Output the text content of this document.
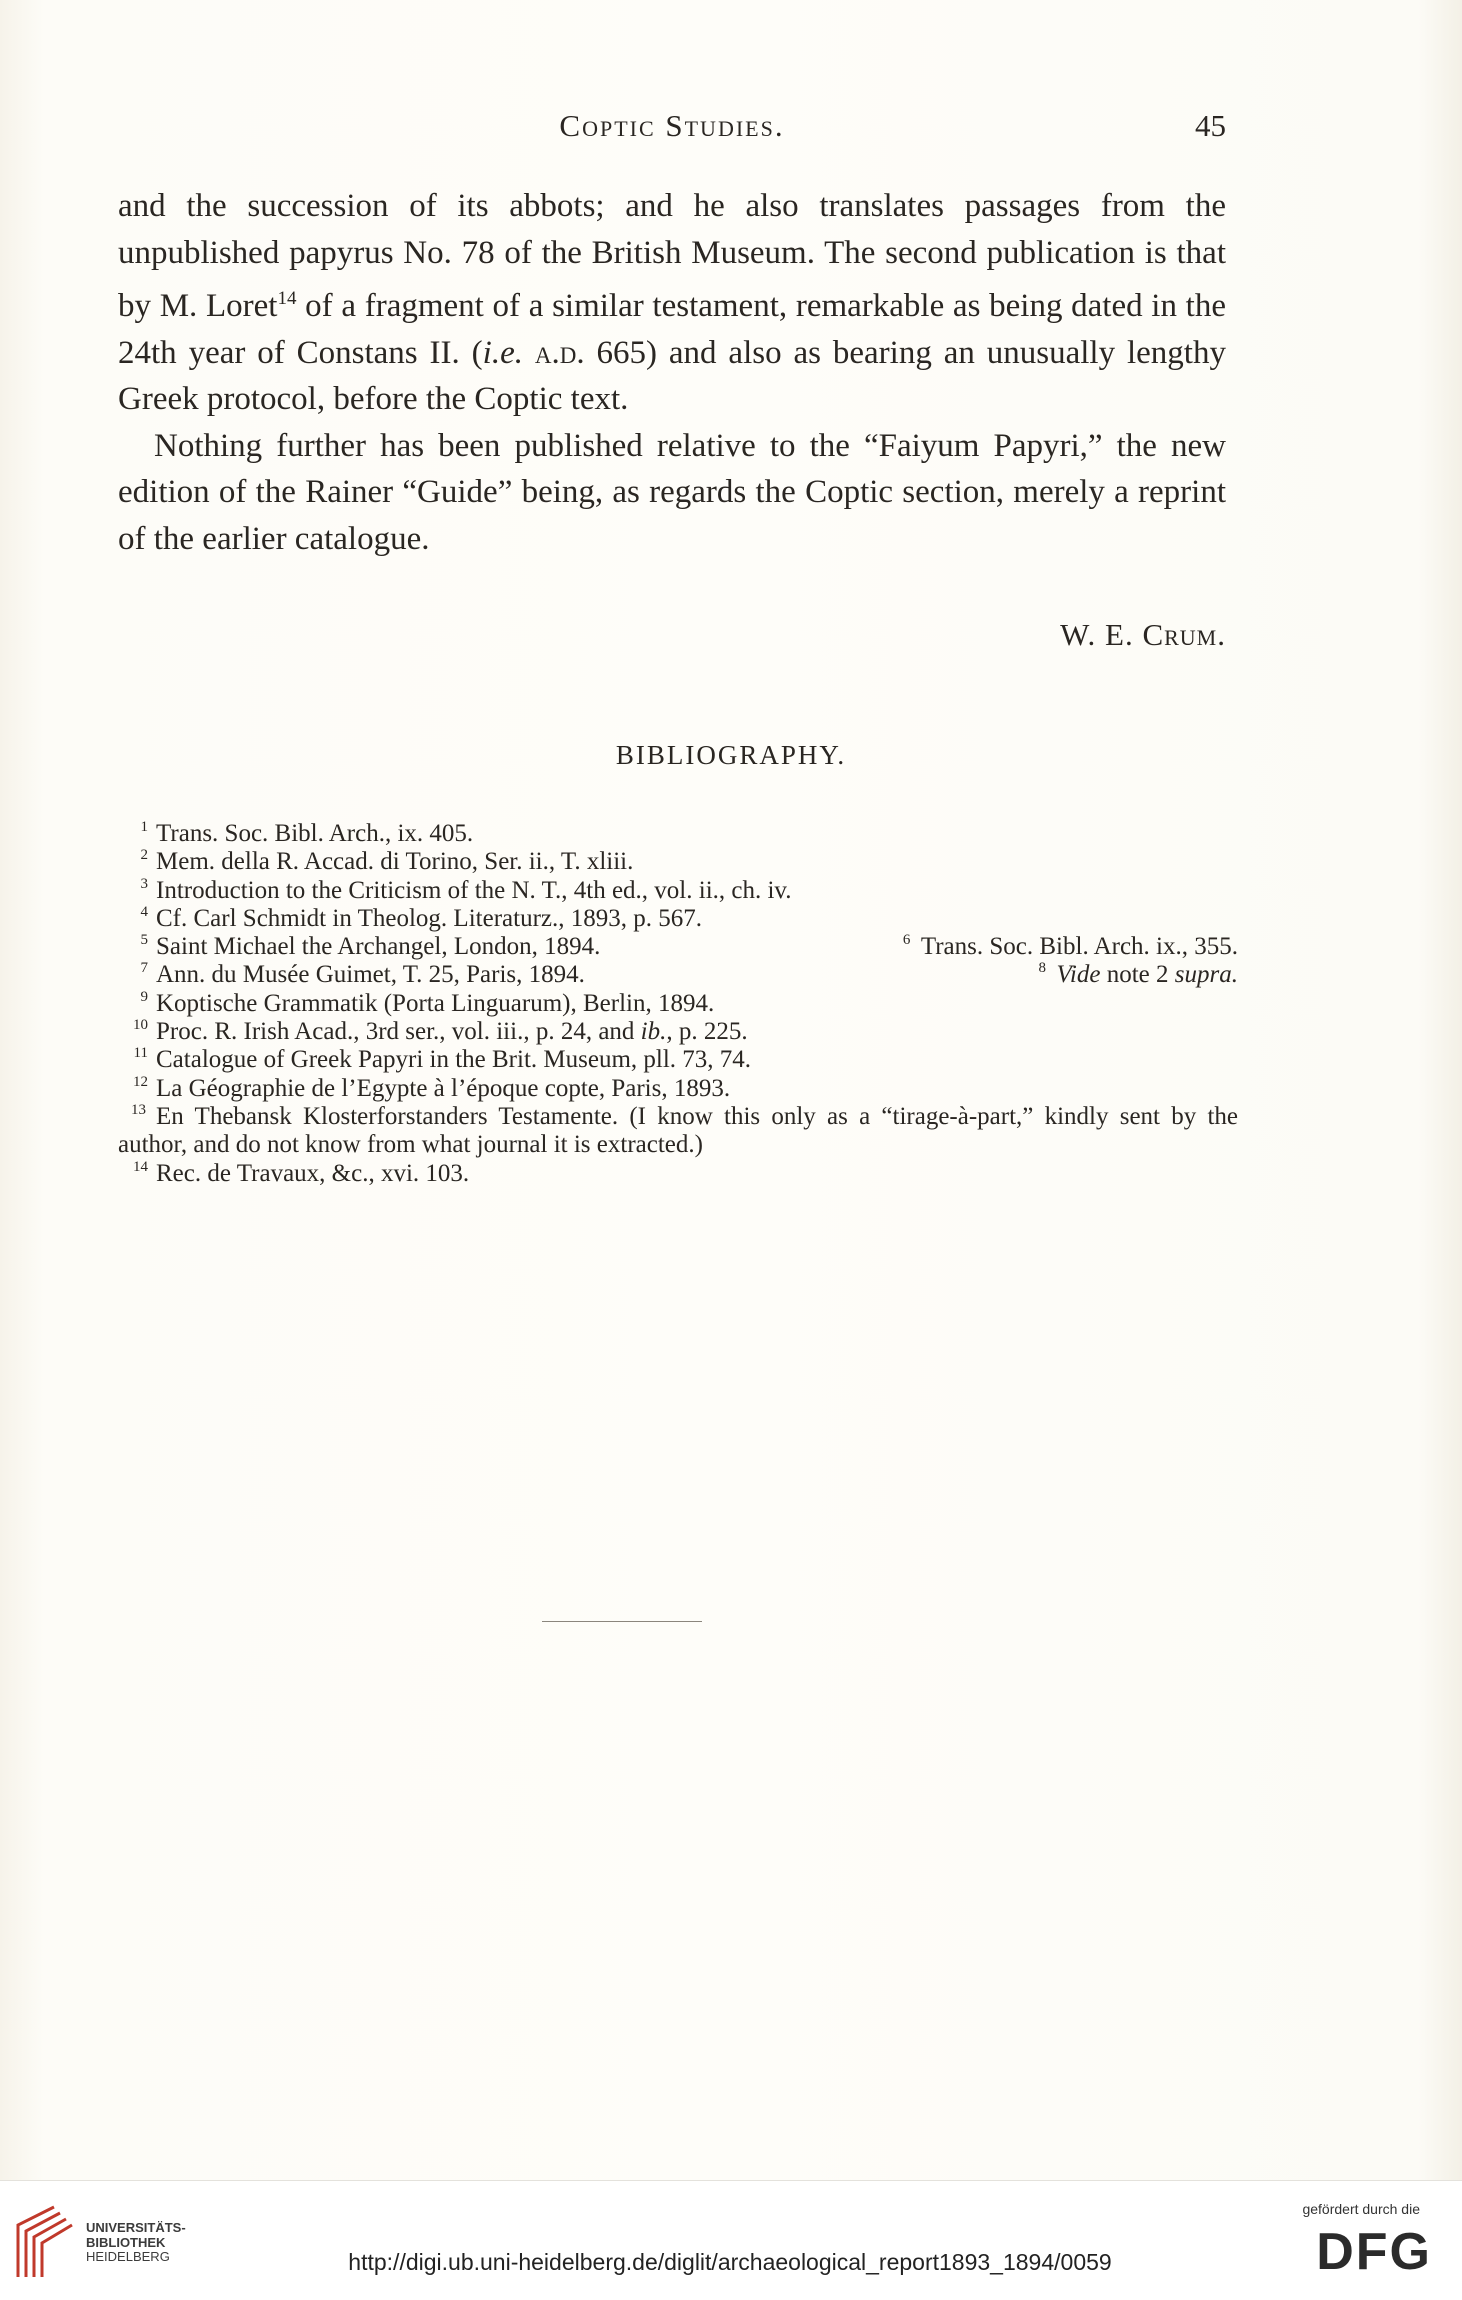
Coptic Studies.	45

and the succession of its abbots; and he also translates passages from the unpublished papyrus No. 78 of the British Museum. The second publication is that by M. Loret$^{14}$ of a fragment of a similar testament, remarkable as being dated in the 24th year of Constans II. (i.e. a.d. 665) and also as bearing an unusually lengthy Greek protocol, before the Coptic text.

Nothing further has been published relative to the “Faiyum Papyri,” the new edition of the Rainer “Guide” being, as regards the Coptic section, merely a reprint of the earlier catalogue.

W. E. Crum.
BIBLIOGRAPHY.
1 Trans. Soc. Bibl. Arch., ix. 405.
2 Mem. della R. Accad. di Torino, Ser. ii., T. xliii.
3 Introduction to the Criticism of the N. T., 4th ed., vol. ii., ch. iv.
4 Cf. Carl Schmidt in Theolog. Literaturz., 1893, p. 567.
5 Saint Michael the Archangel, London, 1894.	6 Trans. Soc. Bibl. Arch. ix., 355.
7 Ann. du Musée Guimet, T. 25, Paris, 1894.	8 Vide note 2 supra.
9 Koptische Grammatik (Porta Linguarum), Berlin, 1894.
10 Proc. R. Irish Acad., 3rd ser., vol. iii., p. 24, and ib., p. 225.
11 Catalogue of Greek Papyri in the Brit. Museum, pll. 73, 74.
12 La Géographie de l’Egypte à l’époque copte, Paris, 1893.
13 En Thebansk Klosterforstanders Testamente. (I know this only as a “tirage-à-part,” kindly sent by the author, and do not know from what journal it is extracted.)
14 Rec. de Travaux, &c., xvi. 103.
UNIVERSITÄTS-
BIBLIOTHEK
HEIDELBERG	http://digi.ub.uni-heidelberg.de/diglit/archaeological_report1893_1894/0059
gefördert durch die
DFG
